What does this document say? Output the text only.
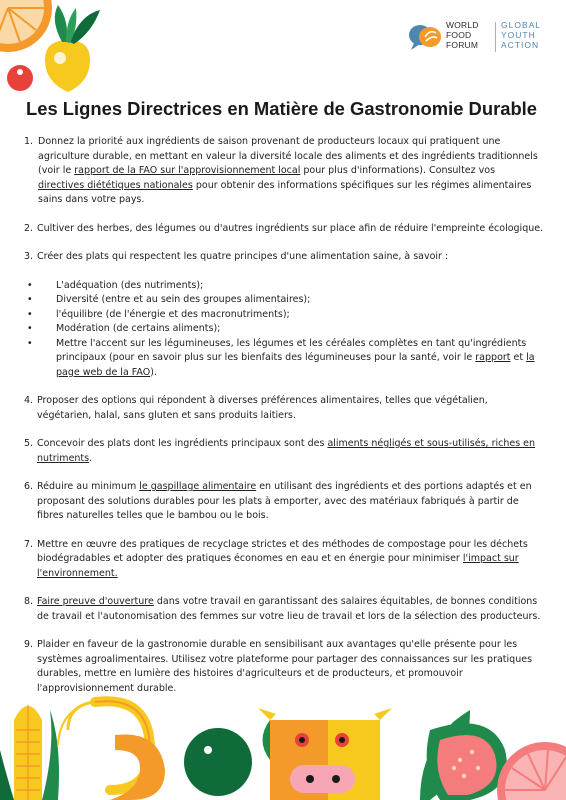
WORLD
FOOD
FORUM
GLOBAL
YOUTH
ACTION
Les Lignes Directrices en Matière de Gastronomie Durable
1. Donnez la priorité aux ingrédients de saison provenant de producteurs locaux qui pratiquent une agriculture durable, en mettant en valeur la diversité locale des aliments et des ingrédients traditionnels (voir le rapport de la FAO sur l'approvisionnement local pour plus d'informations). Consultez vos directives diététiques nationales pour obtenir des informations spécifiques sur les régimes alimentaires sains dans votre pays.
2. Cultiver des herbes, des légumes ou d'autres ingrédients sur place afin de réduire l'empreinte écologique.
3. Créer des plats qui respectent les quatre principes d'une alimentation saine, à savoir :
• L'adéquation (des nutriments);
• Diversité (entre et au sein des groupes alimentaires);
• l'équilibre (de l'énergie et des macronutriments);
• Modération (de certains aliments);
• Mettre l'accent sur les légumineuses, les légumes et les céréales complètes en tant qu'ingrédients principaux (pour en savoir plus sur les bienfaits des légumineuses pour la santé, voir le rapport et la page web de la FAO).
4. Proposer des options qui répondent à diverses préférences alimentaires, telles que végétalien, végétarien, halal, sans gluten et sans produits laitiers.
5. Concevoir des plats dont les ingrédients principaux sont des aliments négligés et sous-utilisés, riches en nutriments.
6. Réduire au minimum le gaspillage alimentaire en utilisant des ingrédients et des portions adaptés et en proposant des solutions durables pour les plats à emporter, avec des matériaux fabriqués à partir de fibres naturelles telles que le bambou ou le bois.
7. Mettre en œuvre des pratiques de recyclage strictes et des méthodes de compostage pour les déchets biodégradables et adopter des pratiques économes en eau et en énergie pour minimiser l'impact sur l'environnement.
8. Faire preuve d'ouverture dans votre travail en garantissant des salaires équitables, de bonnes conditions de travail et l'autonomisation des femmes sur votre lieu de travail et lors de la sélection des producteurs.
9. Plaider en faveur de la gastronomie durable en sensibilisant aux avantages qu'elle présente pour les systèmes agroalimentaires. Utilisez votre plateforme pour partager des connaissances sur les pratiques durables, mettre en lumière des histoires d'agriculteurs et de producteurs, et promouvoir l'approvisionnement durable.
